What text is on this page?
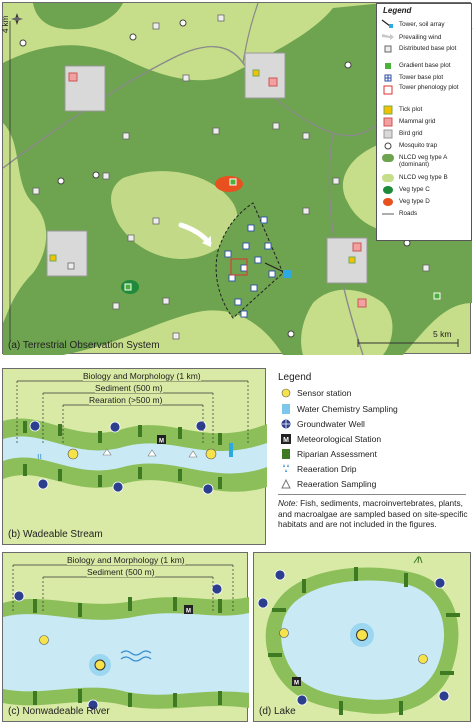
4 km
5 km
(a) Terrestrial Observation System
Legend
Tower, soil array
Prevailing wind
Distributed base plot
Gradient base plot
Tower base plot
Tower phenology plot
Tick plot
Mammal grid
Bird grid
Mosquito trap
NLCD veg type A (dominant)
NLCD veg type B
Veg type C
Veg type D
Roads
M
ıı
Biology and Morphology (1 km)
Sediment (500 m)
Rearation (>500 m)
(b) Wadeable Stream
Legend
Sensor station
Water Chemistry Sampling
Groundwater Well
M Meteorological Station
Riparian Assessment
Reaeration Drip
Reaeration Sampling
Note: Fish, sediments, macroinvertebrates, plants, and macroalgae are sampled based on site-specific habitats and are not included in the figures.
M
Biology and Morphology (1 km)
Sediment (500 m)
(c) Nonwadeable River
M
(d) Lake
